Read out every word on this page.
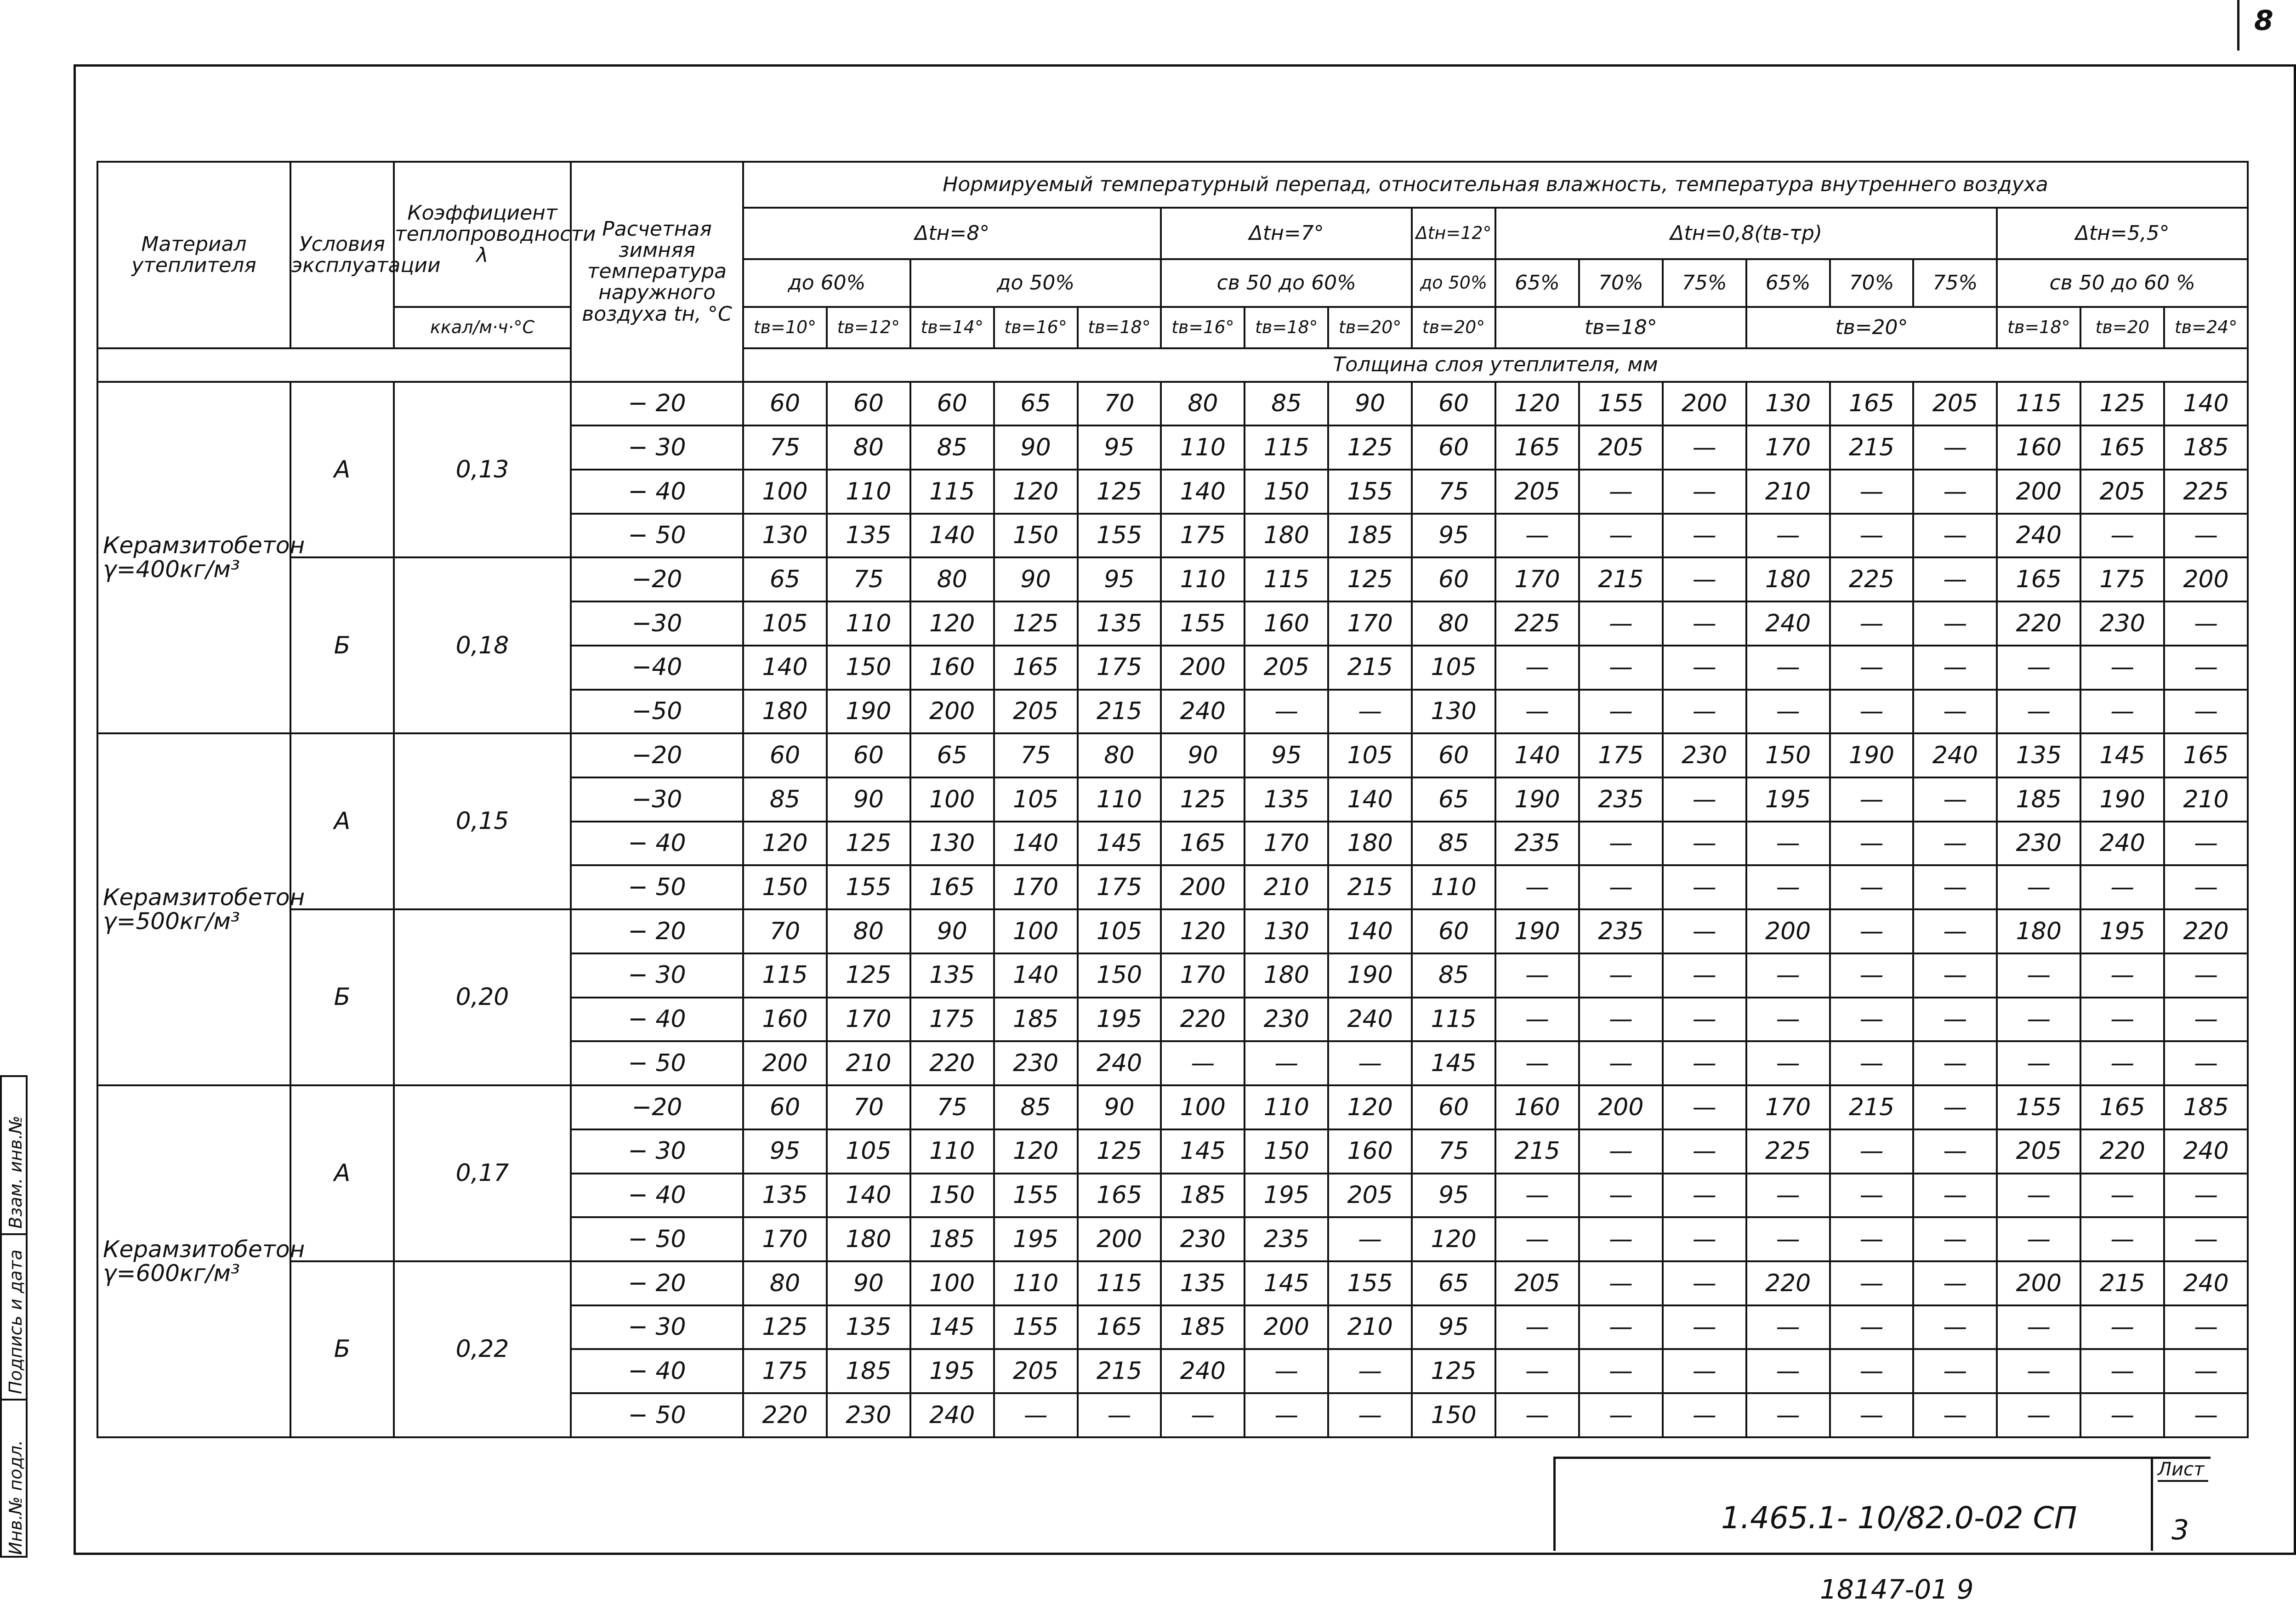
8
Инв.№ подл.
Подпись и дата
Взам. инв.№
Материал утеплителя	Условия эксплуатации	Коэффициент теплопроводности
λ	Расчетная зимняя температура наружного воздуха tн, °С	Нормируемый температурный перепад, относительная влажность, температура внутреннего воздуха																	
				Δtн=8°					Δtн=7°			Δtн=12°	Δtн=0,8(tв-τр)						Δtн=5,5°		
				до 60%		до 50%			св 50 до 60%			до 50%	65%	70%	75%	65%	70%	75%	св 50 до 60 %		
		ккал/м·ч·°С		tв=10°	tв=12°	tв=14°	tв=16°	tв=18°	tв=16°	tв=18°	tв=20°	tв=20°	tв=18°			tв=20°			tв=18°	tв=20	tв=24°
				Толщина слоя утеплителя, мм																	
Керамзитобетон γ=400кг/м³	А	0,13	− 20	60	60	60	65	70	80	85	90	60	120	155	200	130	165	205	115	125	140
			− 30	75	80	85	90	95	110	115	125	60	165	205	—	170	215	—	160	165	185
			− 40	100	110	115	120	125	140	150	155	75	205	—	—	210	—	—	200	205	225
			− 50	130	135	140	150	155	175	180	185	95	—	—	—	—	—	—	240	—	—
	Б	0,18	−20	65	75	80	90	95	110	115	125	60	170	215	—	180	225	—	165	175	200
			−30	105	110	120	125	135	155	160	170	80	225	—	—	240	—	—	220	230	—
			−40	140	150	160	165	175	200	205	215	105	—	—	—	—	—	—	—	—	—
			−50	180	190	200	205	215	240	—	—	130	—	—	—	—	—	—	—	—	—
Керамзитобетон γ=500кг/м³	А	0,15	−20	60	60	65	75	80	90	95	105	60	140	175	230	150	190	240	135	145	165
			−30	85	90	100	105	110	125	135	140	65	190	235	—	195	—	—	185	190	210
			− 40	120	125	130	140	145	165	170	180	85	235	—	—	—	—	—	230	240	—
			− 50	150	155	165	170	175	200	210	215	110	—	—	—	—	—	—	—	—	—
	Б	0,20	− 20	70	80	90	100	105	120	130	140	60	190	235	—	200	—	—	180	195	220
			− 30	115	125	135	140	150	170	180	190	85	—	—	—	—	—	—	—	—	—
			− 40	160	170	175	185	195	220	230	240	115	—	—	—	—	—	—	—	—	—
			− 50	200	210	220	230	240	—	—	—	145	—	—	—	—	—	—	—	—	—
Керамзитобетон γ=600кг/м³	А	0,17	−20	60	70	75	85	90	100	110	120	60	160	200	—	170	215	—	155	165	185
			− 30	95	105	110	120	125	145	150	160	75	215	—	—	225	—	—	205	220	240
			− 40	135	140	150	155	165	185	195	205	95	—	—	—	—	—	—	—	—	—
			− 50	170	180	185	195	200	230	235	—	120	—	—	—	—	—	—	—	—	—
	Б	0,22	− 20	80	90	100	110	115	135	145	155	65	205	—	—	220	—	—	200	215	240
			− 30	125	135	145	155	165	185	200	210	95	—	—	—	—	—	—	—	—	—
			− 40	175	185	195	205	215	240	—	—	125	—	—	—	—	—	—	—	—	—
			− 50	220	230	240	—	—	—	—	—	150	—	—	—	—	—	—	—	—	—
1.465.1- 10/82.0-02 СП
Лист
3
18147-01 9
